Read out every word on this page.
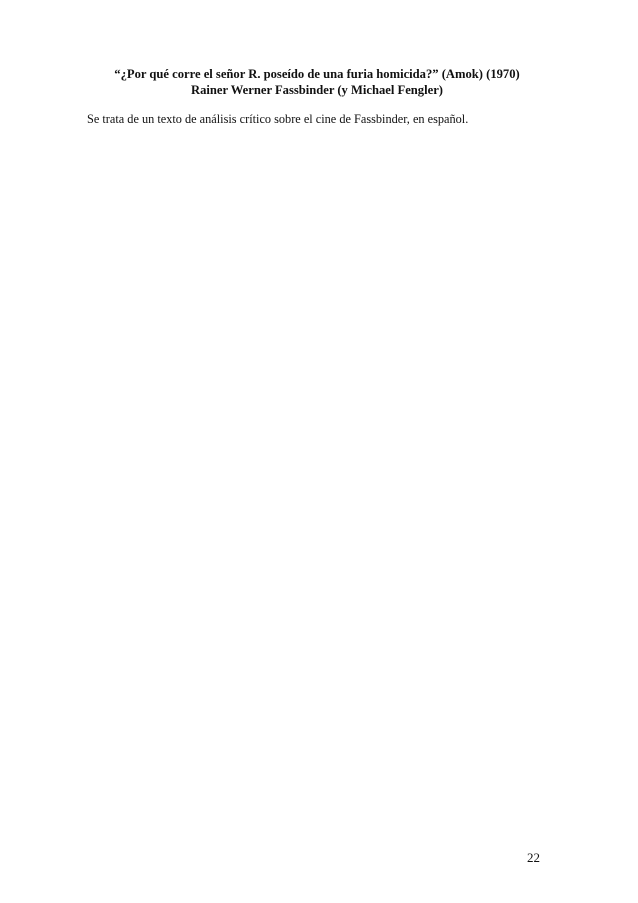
“¿Por qué corre el señor R. poseído de una furia homicida?” (Amok) (1970)
Rainer Werner Fassbinder (y Michael Fengler)

Se trata de un texto de análisis crítico sobre el cine de Fassbinder, en español.

22
